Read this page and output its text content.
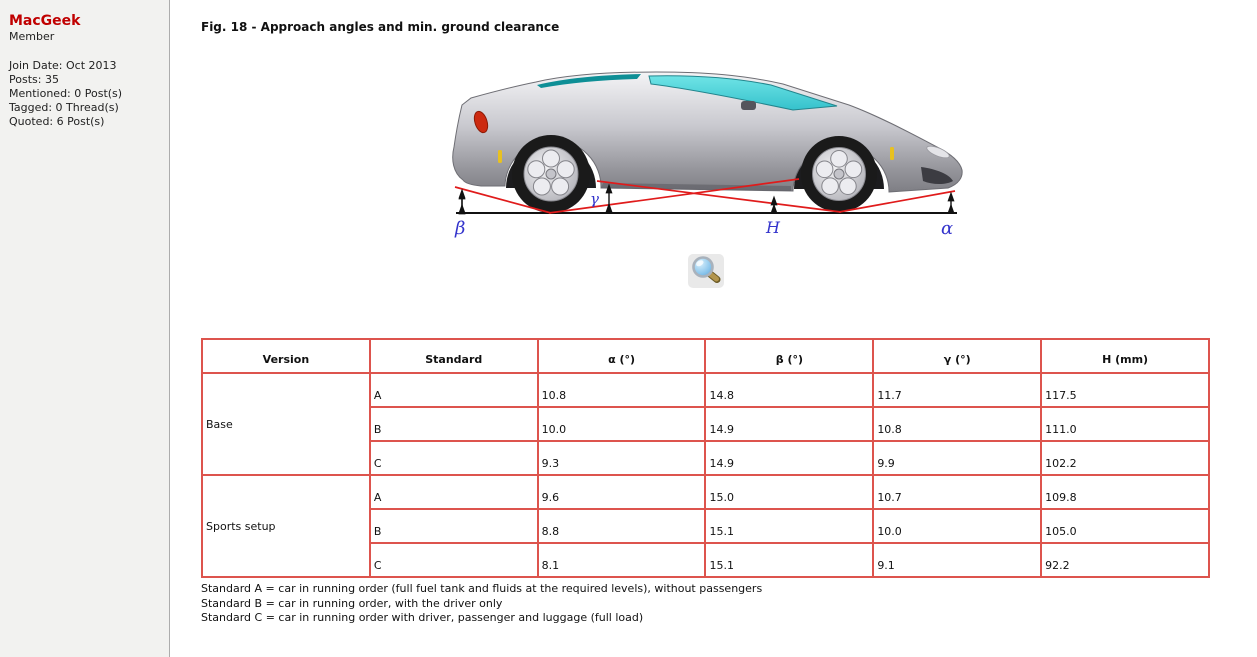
MacGeek
Member
Join Date: Oct 2013
Posts: 35
Mentioned: 0 Post(s)
Tagged: 0 Thread(s)
Quoted: 6 Post(s)
Fig. 18 - Approach angles and min. ground clearance
β
γ
H	α
Version	Standard	α (°)	β (°)	γ (°)	H (mm)
Base	A	10.8	14.8	11.7	117.5
	B	10.0	14.9	10.8	111.0
	C	9.3	14.9	9.9	102.2
Sports setup	A	9.6	15.0	10.7	109.8
	B	8.8	15.1	10.0	105.0
	C	8.1	15.1	9.1	92.2
Standard A = car in running order (full fuel tank and fluids at the required levels), without passengers
Standard B = car in running order, with the driver only
Standard C = car in running order with driver, passenger and luggage (full load)
